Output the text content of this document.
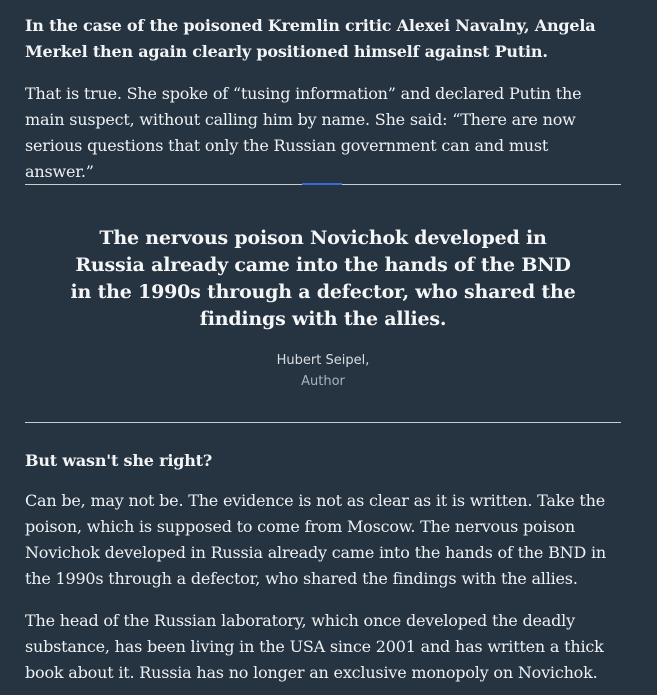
In the case of the poisoned Kremlin critic Alexei Navalny, Angela Merkel then again clearly positioned himself against Putin.

That is true. She spoke of “tusing information” and declared Putin the main suspect, without calling him by name. She said: “There are now serious questions that only the Russian government can and must answer.”

The nervous poison Novichok developed in Russia already came into the hands of the BND in the 1990s through a defector, who shared the findings with the allies.
Hubert Seipel,
Author

But wasn't she right?

Can be, may not be. The evidence is not as clear as it is written. Take the poison, which is supposed to come from Moscow. The nervous poison Novichok developed in Russia already came into the hands of the BND in the 1990s through a defector, who shared the findings with the allies.

The head of the Russian laboratory, which once developed the deadly substance, has been living in the USA since 2001 and has written a thick book about it. Russia has no longer an exclusive monopoly on Novichok.
